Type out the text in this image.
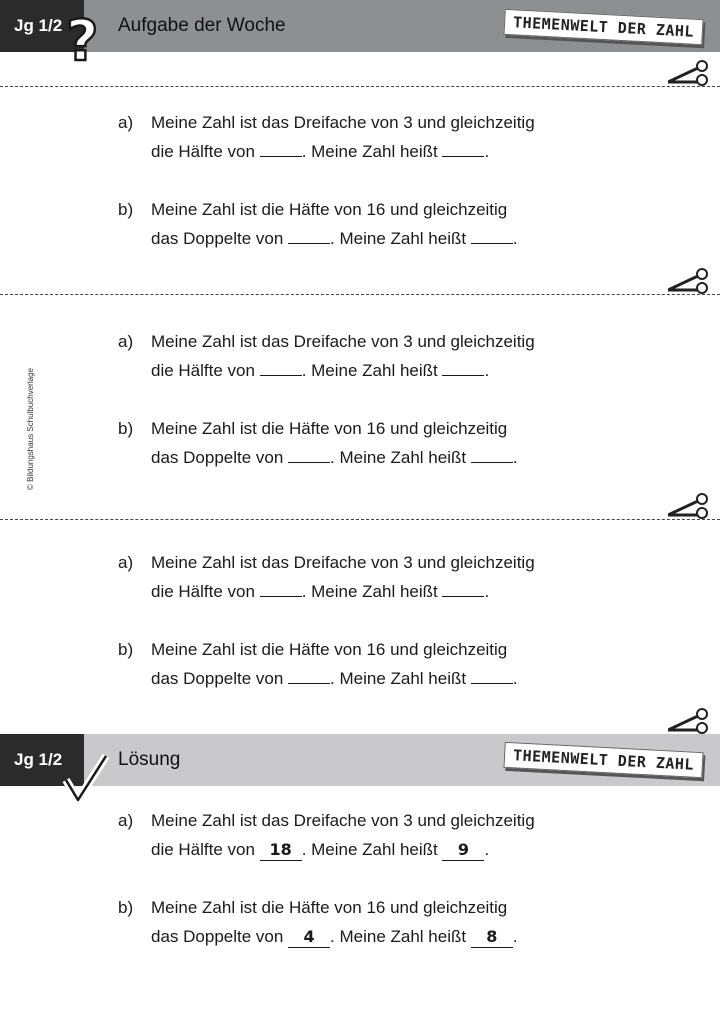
Jg 1/2	Aufgabe der Woche
?	THEMENWELT DER ZAHL
© Bildungshaus Schulbuchverlage
a)	Meine Zahl ist das Dreifache von 3 und gleichzeitig
die Hälfte von . Meine Zahl heißt .
b)	Meine Zahl ist die Häfte von 16 und gleichzeitig
das Doppelte von . Meine Zahl heißt .
a)	Meine Zahl ist das Dreifache von 3 und gleichzeitig
die Hälfte von . Meine Zahl heißt .
b)	Meine Zahl ist die Häfte von 16 und gleichzeitig
das Doppelte von . Meine Zahl heißt .
a)	Meine Zahl ist das Dreifache von 3 und gleichzeitig
die Hälfte von . Meine Zahl heißt .
b)	Meine Zahl ist die Häfte von 16 und gleichzeitig
das Doppelte von . Meine Zahl heißt .
Jg 1/2	Lösung	THEMENWELT DER ZAHL
a)	Meine Zahl ist das Dreifache von 3 und gleichzeitig
die Hälfte von 18 . Meine Zahl heißt 9 .
b)	Meine Zahl ist die Häfte von 16 und gleichzeitig
das Doppelte von 4 . Meine Zahl heißt 8 .
